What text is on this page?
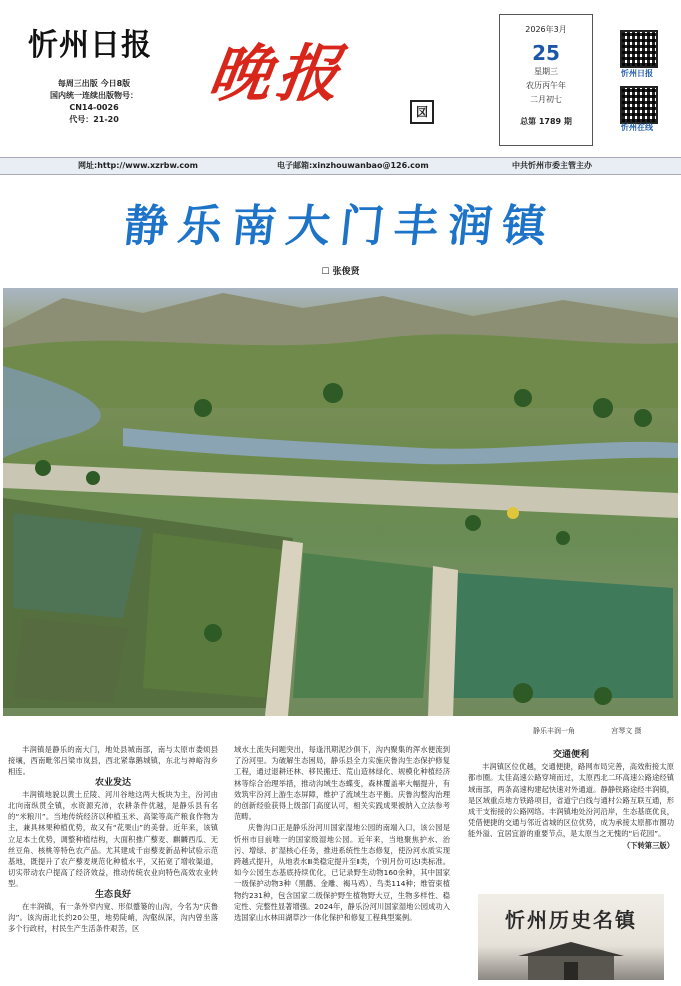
忻州日报
每周三出版 今日8版
国内统一连续出版物号：
CN14-0026
代号：21-20
晚报
㘝
2026年3月
25
星期三
农历丙午年
二月初七
总第 1789 期
忻州日报
忻州在线
网址:http://www.xzrbw.com	电子邮箱:xinzhouwanbao@126.com	中共忻州市委主管主办
静乐南大门丰润镇
☐ 张俊贤
静乐丰润一角	宫琴文 摄

丰润镇是静乐的南大门，地处县城南部，南与太原市娄烦县接壤，西南毗邻吕梁市岚县，西北紧靠鹅城镇，东北与神峪沟乡相连。

农业发达

丰润镇地貌以黄土丘陵、河川谷地这两大板块为主，汾河由北向南纵贯全镇，水资源充沛，农耕条件优越，是静乐县有名的“米粮川”。当地传统经济以种植玉米、高粱等高产粮食作物为主，兼具林果种植优势，故又有“花果山”的美誉。近年来，该镇立足本土优势，调整种植结构，大面积推广藜麦、麒麟西瓜、无丝豆角、核桃等特色农产品。尤其建成千亩藜麦新品种试验示范基地，既提升了农产藜麦规范化种植水平，又拓宽了增收渠道，切实带动农户提高了经济效益，推动传统农业向特色高效农业转型。

生态良好

在丰润镇，有一条外窄内宽、形似蹙篓的山沟，今名为“庆鲁沟”。该沟南北长约20公里，地势陡峭，沟壑纵深，沟内曾坐落多个行政村，村民生产生活条件艰苦，区

域水土流失问题突出，每逢汛期泥沙俱下，沟内聚集的浑水便流到了汾河里。为破解生态困局，静乐县全力实施庆鲁沟生态保护修复工程，通过退耕还林、移民搬迁、荒山造林绿化、规模化种植经济林等综合治理举措，推动沟域生态蝶变，森林覆盖率大幅提升，有效筑牢汾河上游生态屏障，维护了流域生态平衡。庆鲁沟整沟治理的创新经验获得上级部门高度认可，相关实践成果被纳入立法参考范畴。

庆鲁沟口正是静乐汾河川国家湿地公园的南端入口，该公园是忻州市目前唯一的国家级湿地公园。近年来，当地聚焦护水、治污、增绿、扩湿核心任务，推进系统性生态修复，使汾河水质实现跨越式提升，从地表水Ⅲ类稳定提升至Ⅱ类，个别月份可达Ⅰ类标准。如今公园生态基底持续优化，已记录野生动物160余种，其中国家一级保护动物3种（黑鹳、金雕、褐马鸡）、鸟类114种；维管束植物约231种，包含国家二级保护野生植物野大豆，生物多样性、稳定性、完整性显著增强。2024年，静乐汾河川国家湿地公园成功入选国家山水林田湖草沙一体化保护和修复工程典型案例。

交通便利

丰润镇区位优越，交通便捷，路网布局完善，高效衔接太原都市圈。太佳高速公路穿境而过，太原西北二环高速公路途经镇域南部，两条高速构建起快速对外通道。静静铁路途经丰润镇，是区域重点地方铁路项目，省道宁白线与通村公路互联互通，形成干支衔接的公路网络。丰润镇地处汾河沿岸，生态基底优良，凭借便捷的交通与邻近省城的区位优势，成为承接太原都市圈功能外溢、宜居宜游的重要节点，是太原当之无愧的“后花园”。

（下转第三版）

忻州历史名镇
